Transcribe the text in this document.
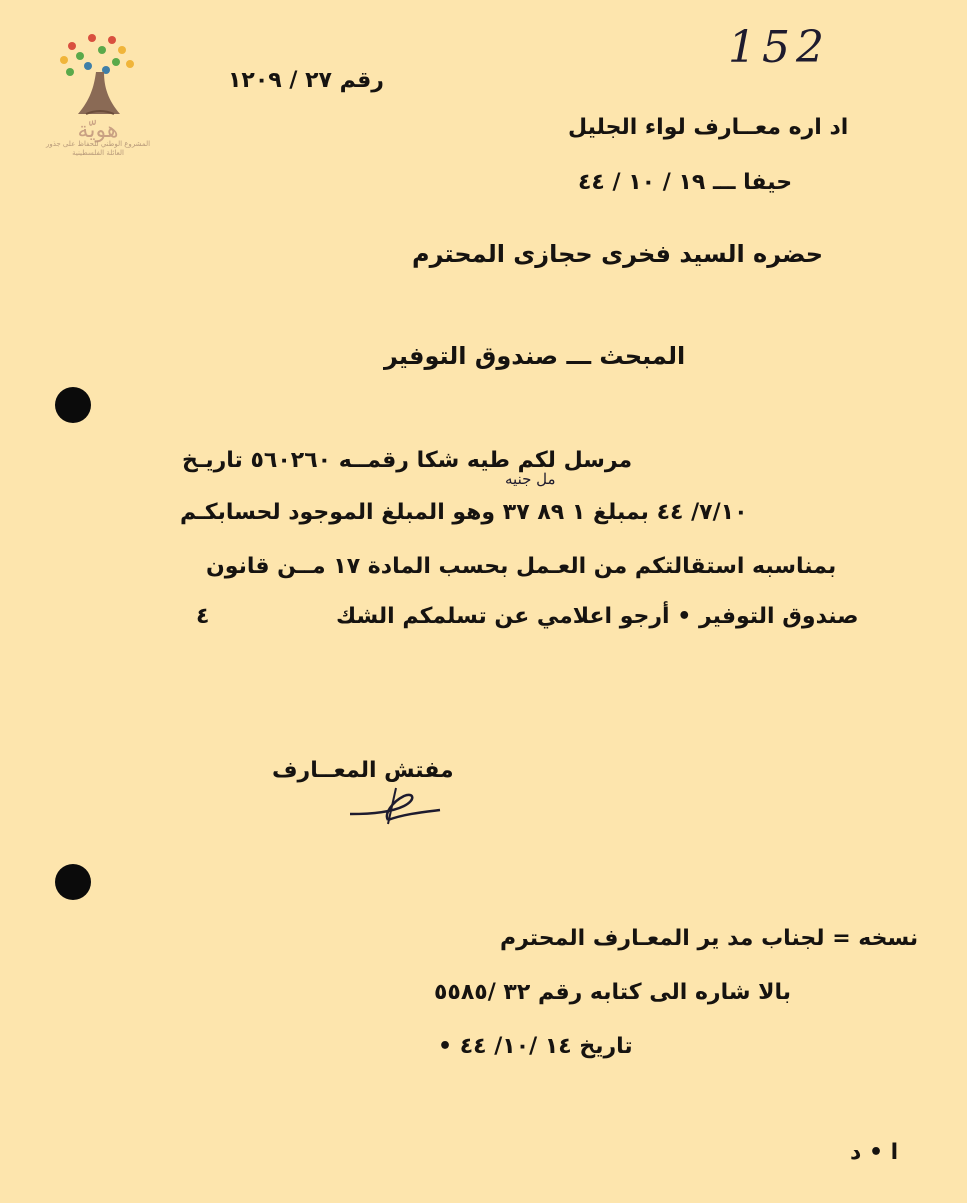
هويّة
المشروع الوطني للحفاظ على جذور العائلة الفلسطينية
152
رقم ٢٧ / ١٢٠٩
اد اره معــارف لواء الجليل
حيفا ـــ ١٩ / ١٠ / ٤٤
حضره السيد فخرى حجازى المحترم
المبحث ـــ صندوق التوفير
مرسل لكم طيه شكا رقمــه ٥٦٠٢٦٠ تاريـخ
مل جنيه
٧/١٠/ ٤٤ بمبلغ ١ ٨٩ ٣٧ وهو المبلغ الموجود لحسابكـم
بمناسبه استقالتكم من العـمل بحسب المادة ١٧ مــن قانون
صندوق التوفير • أرجو اعلامي عن تسلمكم الشك
٤
مفتش المعــارف
نسخه = لجناب مد ير المعـارف المحترم
بالا شاره الى كتابه رقم ٣٢ /٥٥٨٥
تاريخ ١٤ /١٠/ ٤٤ •
ا • د
